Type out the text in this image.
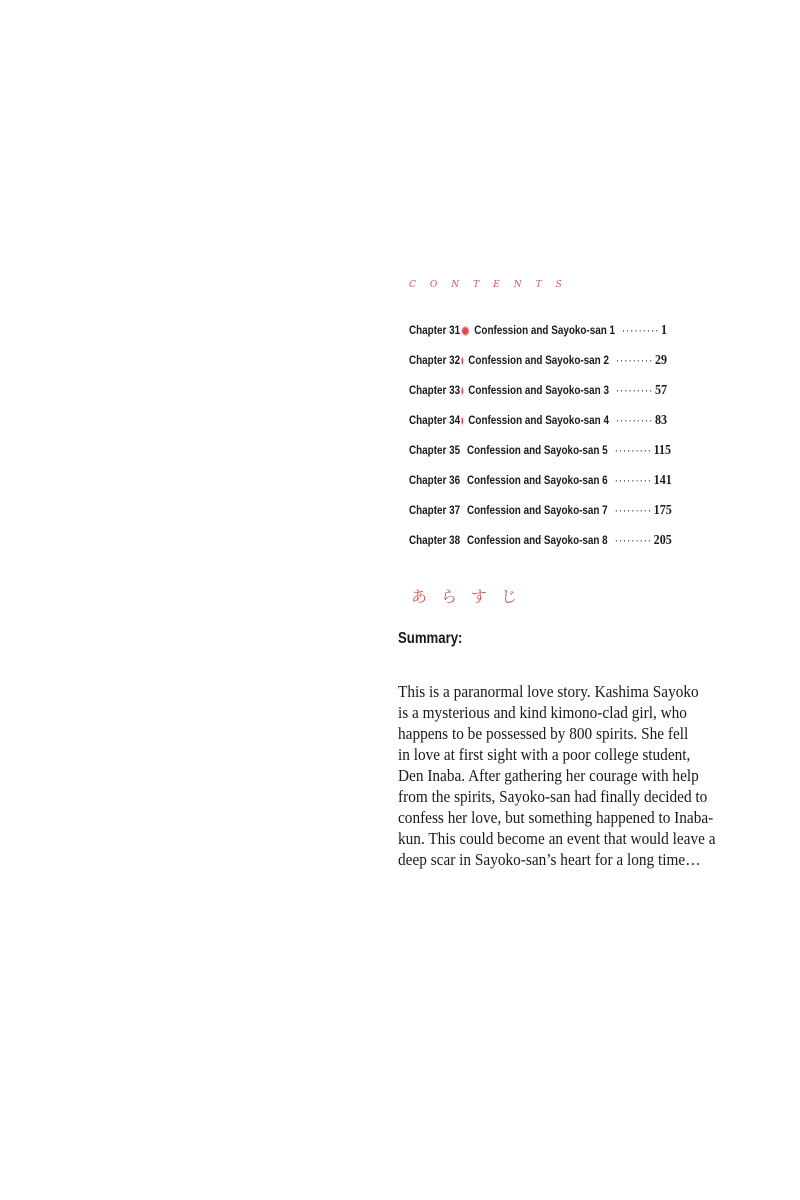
contents
Chapter 31 Confession and Sayoko-san 1 ········· 1
Chapter 32 Confession and Sayoko-san 2 ········· 29
Chapter 33 Confession and Sayoko-san 3 ········· 57
Chapter 34 Confession and Sayoko-san 4 ········· 83
Chapter 35 Confession and Sayoko-san 5 ········· 115
Chapter 36 Confession and Sayoko-san 6 ········· 141
Chapter 37 Confession and Sayoko-san 7 ········· 175
Chapter 38 Confession and Sayoko-san 8 ········· 205
あらすじ
Summary:
This is a paranormal love story. Kashima Sayoko
is a mysterious and kind kimono-clad girl, who
happens to be possessed by 800 spirits. She fell
in love at first sight with a poor college student,
Den Inaba. After gathering her courage with help
from the spirits, Sayoko-san had finally decided to
confess her love, but something happened to Inaba-
kun. This could become an event that would leave a
deep scar in Sayoko-san’s heart for a long time…
